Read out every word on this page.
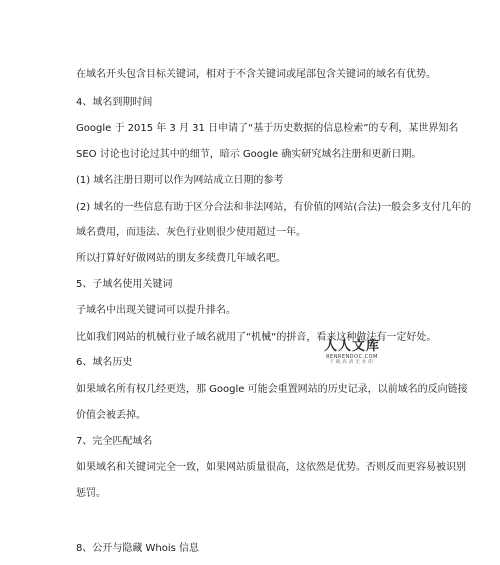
在域名开头包含目标关键词，相对于不含关键词或尾部包含关键词的域名有优势。
4、域名到期时间
Google 于 2015 年 3 月 31 日申请了“基于历史数据的信息检索”的专利，某世界知名
SEO 讨论也讨论过其中的细节，暗示 Google 确实研究域名注册和更新日期。
(1) 域名注册日期可以作为网站成立日期的参考
(2) 域名的一些信息有助于区分合法和非法网站，有价值的网站(合法)一般会多支付几年的
域名费用，而违法、灰色行业则很少使用超过一年。
所以打算好好做网站的朋友多续费几年域名吧。
5、子域名使用关键词
子域名中出现关键词可以提升排名。
比如我们网站的机械行业子域名就用了“机械“的拼音，看来这种做法有一定好处。
6、域名历史
如果域名所有权几经更迭，那 Google 可能会重置网站的历史记录，以前域名的反向链接
价值会被丢掉。
7、完全匹配域名
如果域名和关键词完全一致，如果网站质量很高，这依然是优势。否则反而更容易被识别
惩罚。
8、公开与隐藏 Whois 信息
人人文库
RENRENDOC.COM
下载高清无水印
